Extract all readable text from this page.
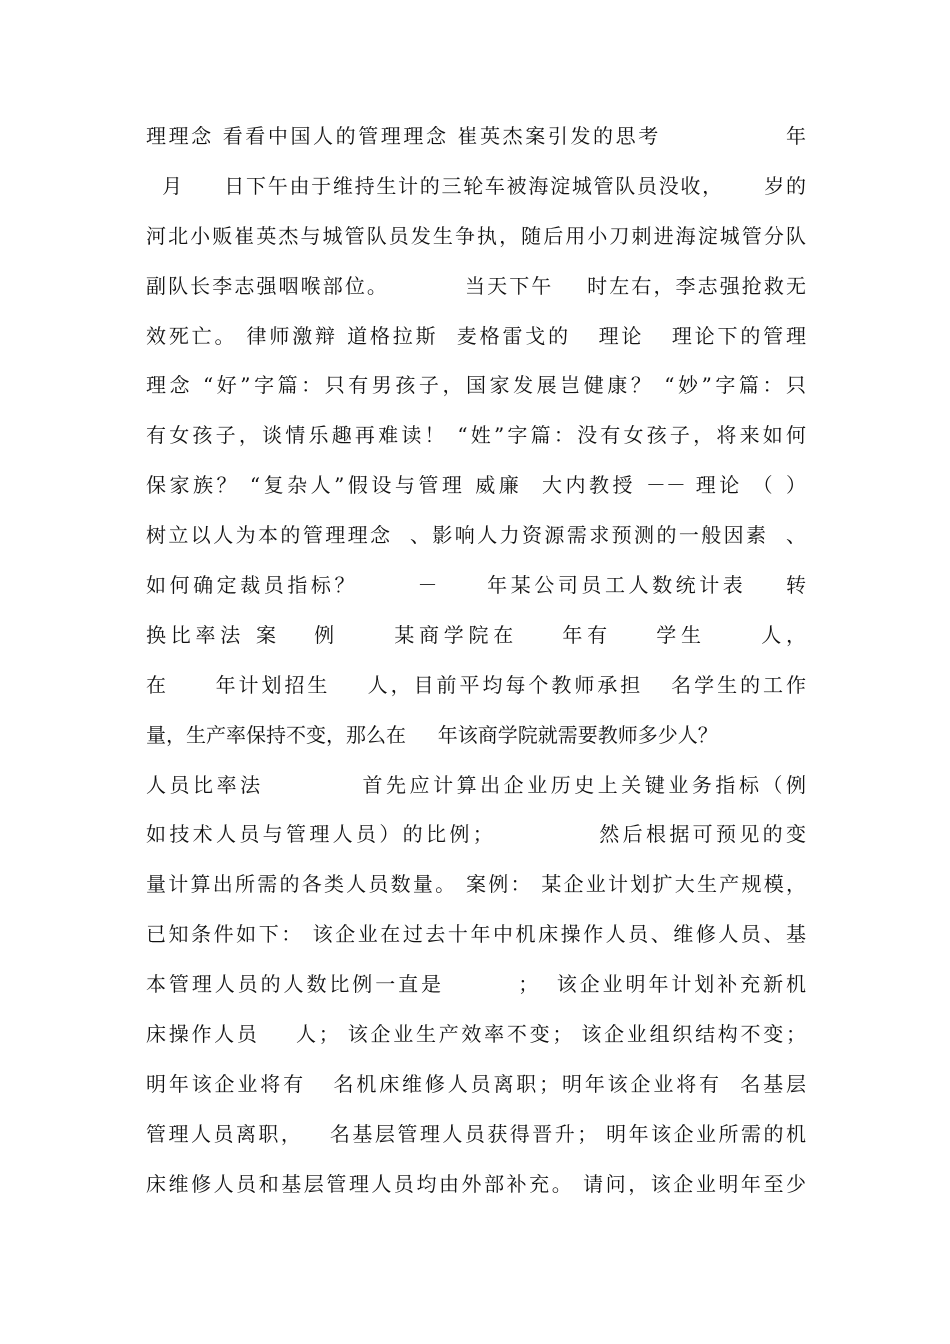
理理念 看看中国人的管理理念 崔英杰案引发的思考              年
月     日下午由于维持生计的三轮车被海淀城管队员没收，     岁的
河北小贩崔英杰与城管队员发生争执，随后用小刀刺进海淀城管分队
副队长李志强咽喉部位。         当天下午    时左右，李志强抢救无
效死亡。 律师激辩 道格拉斯  麦格雷戈的   理论   理论下的管理
理念 “好”字篇：只有男孩子，国家发展岂健康？ “妙”字篇：只
有女孩子，谈情乐趣再难读！ “姓”字篇：没有女孩子，将来如何
保家族？ “复杂人”假设与管理 威廉  大内教授 －－ 理论 （ ）
树立以人为本的管理理念  、影响人力资源需求预测的一般因素  、
如何确定裁员指标？      －     年某公司员工人数统计表    转
换比率法 案   例     某商学院在    年有    学生     人，
在     年计划招生    人，目前平均每个教师承担   名学生的工作
量，生产率保持不变，那么在     年该商学院就需要教师多少人？
人员比率法          首先应计算出企业历史上关键业务指标（例
如技术人员与管理人员）的比例；           然后根据可预见的变
量计算出所需的各类人员数量。 案例： 某企业计划扩大生产规模，
已知条件如下： 该企业在过去十年中机床操作人员、维修人员、基
本管理人员的人数比例一直是        ；  该企业明年计划补充新机
床操作人员    人； 该企业生产效率不变； 该企业组织结构不变；
明年该企业将有   名机床维修人员离职；明年该企业将有  名基层
管理人员离职，   名基层管理人员获得晋升； 明年该企业所需的机
床维修人员和基层管理人员均由外部补充。 请问，该企业明年至少
